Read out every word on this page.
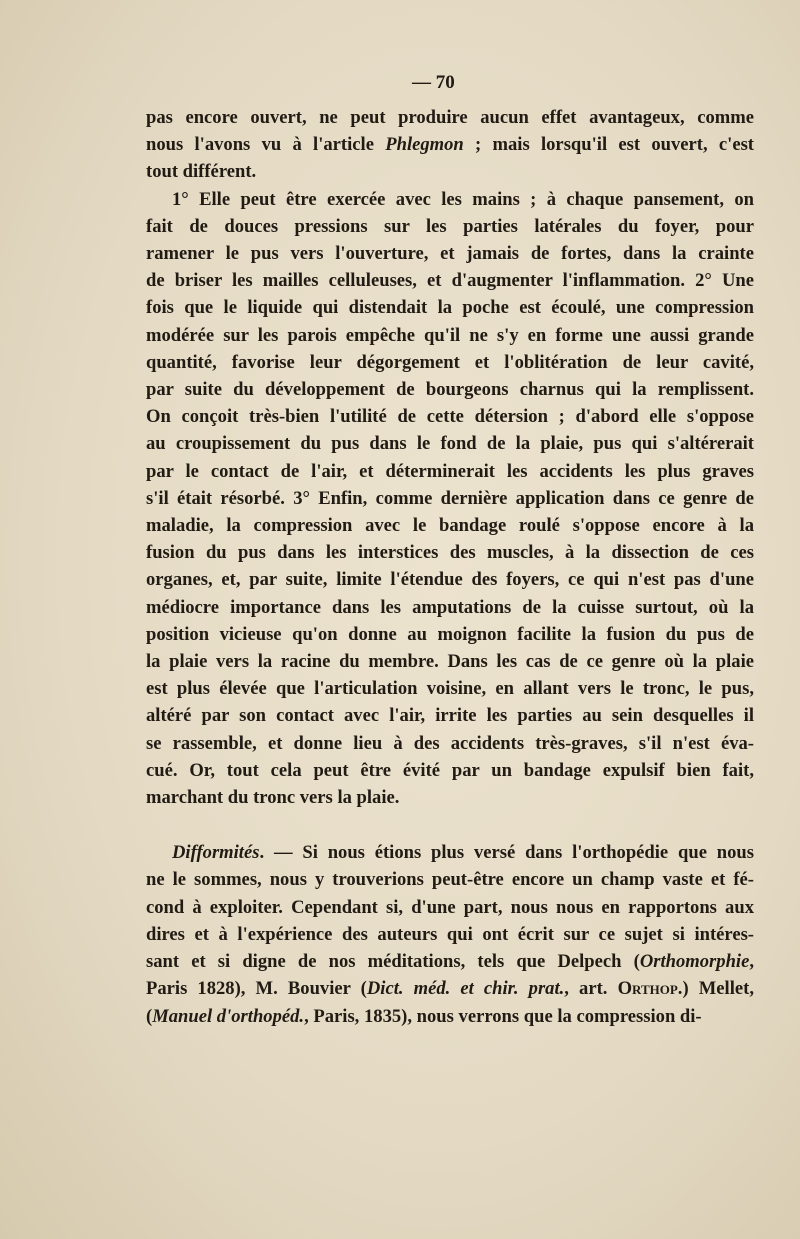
— 70
pas encore ouvert, ne peut produire aucun effet avantageux, comme
nous l'avons vu à l'article Phlegmon ; mais lorsqu'il est ouvert, c'est
tout différent.
1° Elle peut être exercée avec les mains ; à chaque pansement, on
fait de douces pressions sur les parties latérales du foyer, pour
ramener le pus vers l'ouverture, et jamais de fortes, dans la crainte
de briser les mailles celluleuses, et d'augmenter l'inflammation. 2° Une
fois que le liquide qui distendait la poche est écoulé, une compression
modérée sur les parois empêche qu'il ne s'y en forme une aussi grande
quantité, favorise leur dégorgement et l'oblitération de leur cavité,
par suite du développement de bourgeons charnus qui la remplissent.
On conçoit très-bien l'utilité de cette détersion ; d'abord elle s'oppose
au croupissement du pus dans le fond de la plaie, pus qui s'altérerait
par le contact de l'air, et déterminerait les accidents les plus graves
s'il était résorbé. 3° Enfin, comme dernière application dans ce genre de
maladie, la compression avec le bandage roulé s'oppose encore à la
fusion du pus dans les interstices des muscles, à la dissection de ces
organes, et, par suite, limite l'étendue des foyers, ce qui n'est pas d'une
médiocre importance dans les amputations de la cuisse surtout, où la
position vicieuse qu'on donne au moignon facilite la fusion du pus de
la plaie vers la racine du membre. Dans les cas de ce genre où la plaie
est plus élevée que l'articulation voisine, en allant vers le tronc, le pus,
altéré par son contact avec l'air, irrite les parties au sein desquelles il
se rassemble, et donne lieu à des accidents très-graves, s'il n'est éva-
cué. Or, tout cela peut être évité par un bandage expulsif bien fait,
marchant du tronc vers la plaie.
Difformités. — Si nous étions plus versé dans l'orthopédie que nous
ne le sommes, nous y trouverions peut-être encore un champ vaste et fé-
cond à exploiter. Cependant si, d'une part, nous nous en rapportons aux
dires et à l'expérience des auteurs qui ont écrit sur ce sujet si intéres-
sant et si digne de nos méditations, tels que Delpech (Orthomorphie,
Paris 1828), M. Bouvier (Dict. méd. et chir. prat., art. Orthop.) Mellet,
(Manuel d'orthopéd., Paris, 1835), nous verrons que la compression di-
